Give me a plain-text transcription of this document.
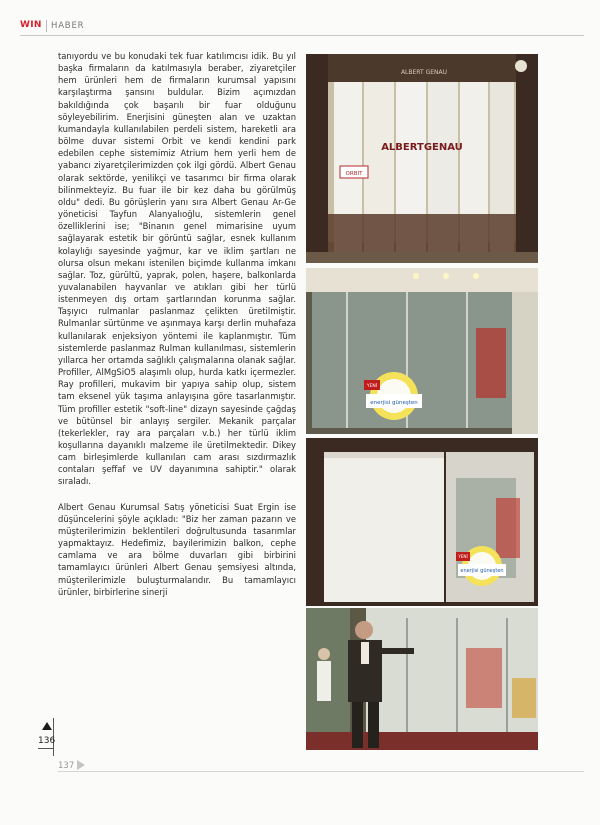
WIN HABER

tanıyordu ve bu konudaki tek fuar katılımcısı idik. Bu yıl başka firmaların da katılmasıyla beraber, ziyaretçiler hem ürünleri hem de firmaların kurumsal yapısını karşılaştırma şansını buldular. Bizim açımızdan bakıldığında çok başarılı bir fuar olduğunu söyleyebilirim. Enerjisini güneşten alan ve uzaktan kumandayla kullanılabilen perdeli sistem, hareketli ara bölme duvar sistemi Orbit ve kendi kendini park edebilen cephe sistemimiz Atrium hem yerli hem de yabancı ziyaretçilerimizden çok ilgi gördü. Albert Genau olarak sektörde, yenilikçi ve tasarımcı bir firma olarak bilinmekteyiz. Bu fuar ile bir kez daha bu görülmüş oldu" dedi. Bu görüşlerin yanı sıra Albert Genau Ar-Ge yöneticisi Tayfun Alanyalıoğlu, sistemlerin genel özelliklerini ise; "Binanın genel mimarisine uyum sağlayarak estetik bir görüntü sağlar, esnek kullanım kolaylığı sayesinde yağmur, kar ve iklim şartları ne olursa olsun mekanı istenilen biçimde kullanma imkanı sağlar. Toz, gürültü, yaprak, polen, haşere, balkonlarda yuvalanabilen hayvanlar ve atıkları gibi her türlü istenmeyen dış ortam şartlarından korunma sağlar. Taşıyıcı rulmanlar paslanmaz çelikten üretilmiştir. Rulmanlar sürtünme ve aşınmaya karşı derlin muhafaza kullanılarak enjeksiyon yöntemi ile kaplanmıştır. Tüm sistemlerde paslanmaz Rulman kullanılması, sistemlerin yıllarca her ortamda sağlıklı çalışmalarına olanak sağlar. Profiller, AlMgSiO5 alaşımlı olup, hurda katkı içermezler. Ray profilleri, mukavim bir yapıya sahip olup, sistem tam eksenel yük taşıma anlayışına göre tasarlanmıştır. Tüm profiller estetik "soft-line" dizayn sayesinde çağdaş ve bütünsel bir anlayış sergiler. Mekanik parçalar (tekerlekler, ray ara parçaları v.b.) her türlü iklim koşullarına dayanıklı malzeme ile üretilmektedir. Dikey cam birleşimlerde kullanılan cam arası sızdırmazlık contaları şeffaf ve UV dayanımına sahiptir." olarak sıraladı.

Albert Genau Kurumsal Satış yöneticisi Suat Ergin ise düşüncelerini şöyle açıkladı: "Biz her zaman pazarın ve müşterilerimizin beklentileri doğrultusunda tasarımlar yapmaktayız. Hedefimiz, bayilerimizin balkon, cephe camlama ve ara bölme duvarları gibi birbirini tamamlayıcı ürünleri Albert Genau şemsiyesi altında, müşterilerimizle buluşturmalarıdır. Bu tamamlayıcı ürünler, birbirlerine sinerji

ALBERT GENAU
ALBERTGENAU
ORBIT
YENİ
enerjisi güneşten
YENİ
enerjisi güneşten
136
137
